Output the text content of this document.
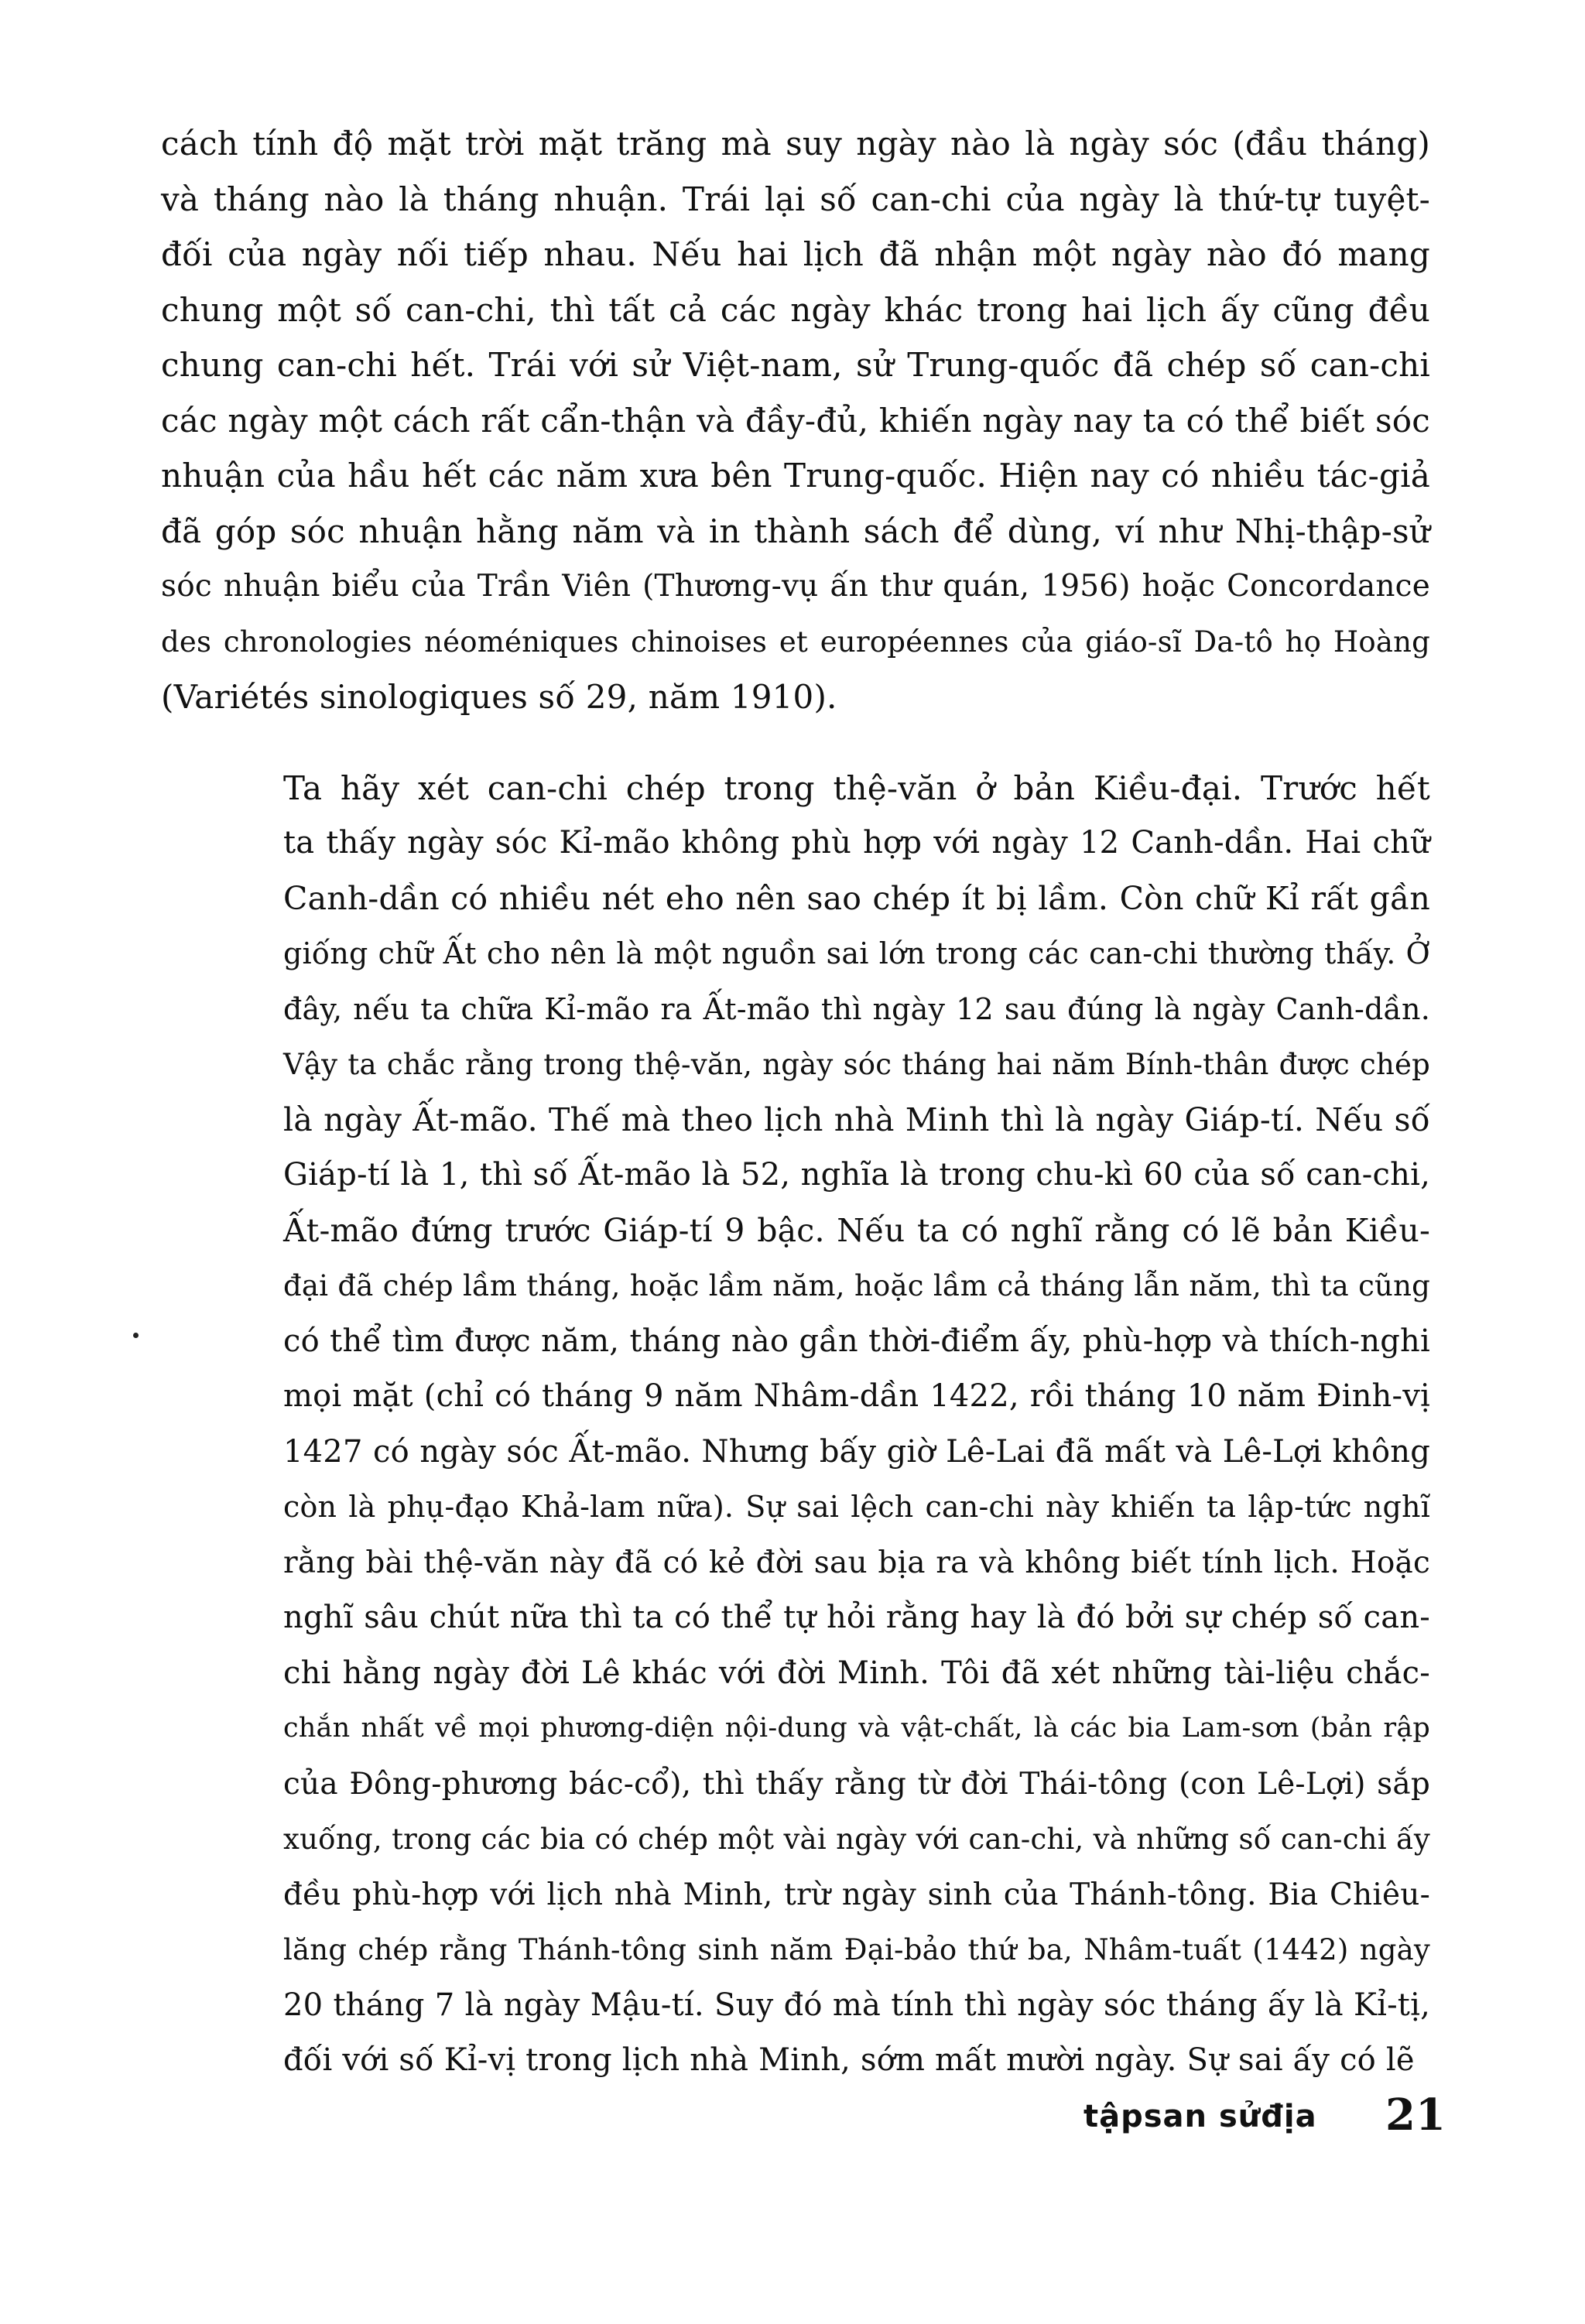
cách tính độ mặt trời mặt trăng mà suy ngày nào là ngày sóc (đầu tháng)
và tháng nào là tháng nhuận. Trái lại số can-chi của ngày là thứ-tự tuyệt-
đối của ngày nối tiếp nhau. Nếu hai lịch đã nhận một ngày nào đó mang
chung một số can-chi, thì tất cả các ngày khác trong hai lịch ấy cũng đều
chung can-chi hết. Trái với sử Việt-nam, sử Trung-quốc đã chép số can-chi
các ngày một cách rất cẩn-thận và đầy-đủ, khiến ngày nay ta có thể biết sóc
nhuận của hầu hết các năm xưa bên Trung-quốc. Hiện nay có nhiều tác-giả
đã góp sóc nhuận hằng năm và in thành sách để dùng, ví như Nhị-thập-sử
sóc nhuận biểu của Trần Viên (Thương-vụ ấn thư quán, 1956) hoặc Concordance
des chronologies néoméniques chinoises et européennes của giáo-sĩ Da-tô họ Hoàng
(Variétés sinologiques số 29, năm 1910).

Ta hãy xét can-chi chép trong thệ-văn ở bản Kiều-đại. Trước hết
ta thấy ngày sóc Kỉ-mão không phù hợp với ngày 12 Canh-dần. Hai chữ
Canh-dần có nhiều nét eho nên sao chép ít bị lầm. Còn chữ Kỉ rất gần
giống chữ Ất cho nên là một nguồn sai lớn trong các can-chi thường thấy. Ở
đây, nếu ta chữa Kỉ-mão ra Ất-mão thì ngày 12 sau đúng là ngày Canh-dần.
Vậy ta chắc rằng trong thệ-văn, ngày sóc tháng hai năm Bính-thân được chép
là ngày Ất-mão. Thế mà theo lịch nhà Minh thì là ngày Giáp-tí. Nếu số
Giáp-tí là 1, thì số Ất-mão là 52, nghĩa là trong chu-kì 60 của số can-chi,
Ất-mão đứng trước Giáp-tí 9 bậc. Nếu ta có nghĩ rằng có lẽ bản Kiều-
đại đã chép lầm tháng, hoặc lầm năm, hoặc lầm cả tháng lẫn năm, thì ta cũng
có thể tìm được năm, tháng nào gần thời-điểm ấy, phù-hợp và thích-nghi
mọi mặt (chỉ có tháng 9 năm Nhâm-dần 1422, rồi tháng 10 năm Đinh-vị
1427 có ngày sóc Ất-mão. Nhưng bấy giờ Lê-Lai đã mất và Lê-Lợi không
còn là phụ-đạo Khả-lam nữa). Sự sai lệch can-chi này khiến ta lập-tức nghĩ
rằng bài thệ-văn này đã có kẻ đời sau bịa ra và không biết tính lịch. Hoặc
nghĩ sâu chút nữa thì ta có thể tự hỏi rằng hay là đó bởi sự chép số can-
chi hằng ngày đời Lê khác với đời Minh. Tôi đã xét những tài-liệu chắc-
chắn nhất về mọi phương-diện nội-dung và vật-chất, là các bia Lam-sơn (bản rập
của Đông-phương bác-cổ), thì thấy rằng từ đời Thái-tông (con Lê-Lợi) sắp
xuống, trong các bia có chép một vài ngày với can-chi, và những số can-chi ấy
đều phù-hợp với lịch nhà Minh, trừ ngày sinh của Thánh-tông. Bia Chiêu-
lăng chép rằng Thánh-tông sinh năm Đại-bảo thứ ba, Nhâm-tuất (1442) ngày
20 tháng 7 là ngày Mậu-tí. Suy đó mà tính thì ngày sóc tháng ấy là Kỉ-tị,
đối với số Kỉ-vị trong lịch nhà Minh, sớm mất mười ngày. Sự sai ấy có lẽ

tậpsan sửđịa 21
